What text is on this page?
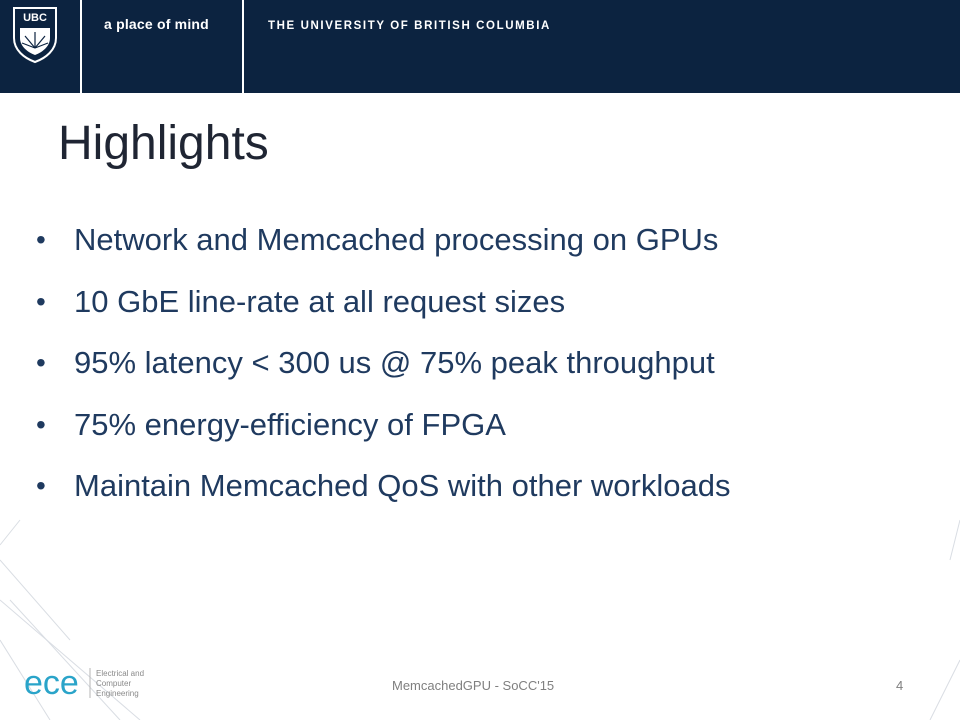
UBC	a place of mind	THE UNIVERSITY OF BRITISH COLUMBIA
Highlights
• Network and Memcached processing on GPUs
• 10 GbE line-rate at all request sizes
• 95% latency < 300 us @ 75% peak throughput
• 75% energy-efficiency of FPGA
• Maintain Memcached QoS with other workloads
ece Electrical and
Computer
Engineering
MemcachedGPU - SoCC'15	4
